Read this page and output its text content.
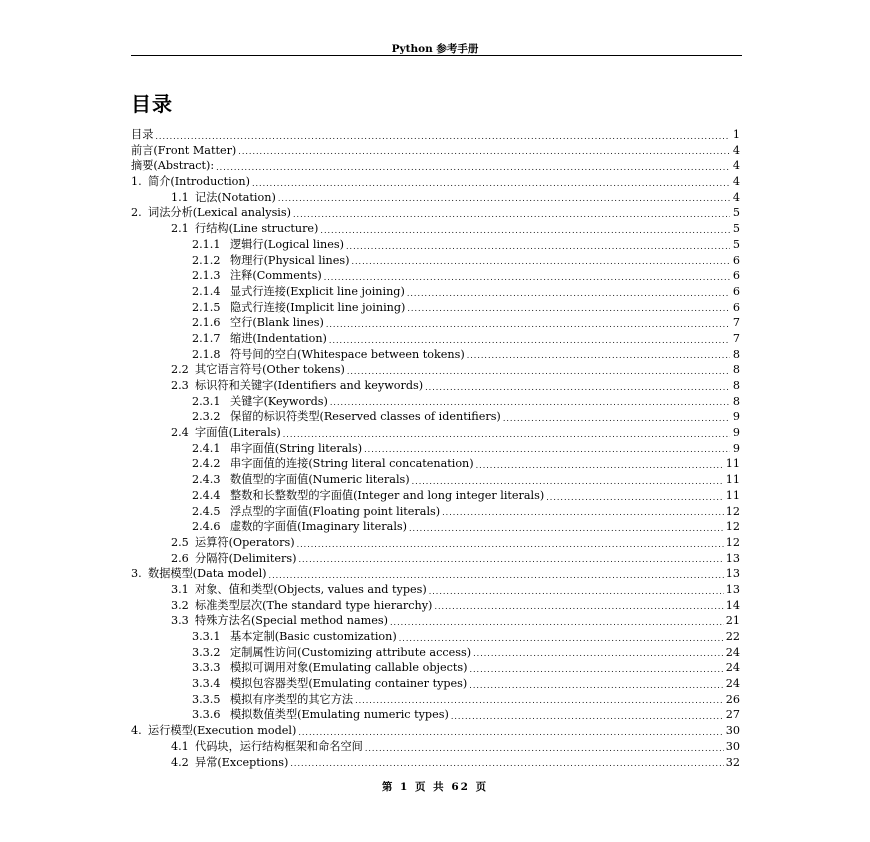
Python 参考手册
目录
目录 .....	1
前言(Front Matter) .....	4
摘要(Abstract): .....	4
1. 简介(Introduction) .....	4
1.1 记法(Notation) .....	4
2. 词法分析(Lexical analysis) .....	5
2.1 行结构(Line structure) .....	5
2.1.1 逻辑行(Logical lines) .....	5
2.1.2 物理行(Physical lines) .....	6
2.1.3 注释(Comments) .....	6
2.1.4 显式行连接(Explicit line joining) .....	6
2.1.5 隐式行连接(Implicit line joining) .....	6
2.1.6 空行(Blank lines) .....	7
2.1.7 缩进(Indentation) .....	7
2.1.8 符号间的空白(Whitespace between tokens) .....	8
2.2 其它语言符号(Other tokens) .....	8
2.3 标识符和关键字(Identifiers and keywords) .....	8
2.3.1 关键字(Keywords) .....	8
2.3.2 保留的标识符类型(Reserved classes of identifiers) .....	9
2.4 字面值(Literals) .....	9
2.4.1 串字面值(String literals) .....	9
2.4.2 串字面值的连接(String literal concatenation) .....	11
2.4.3 数值型的字面值(Numeric literals) .....	11
2.4.4 整数和长整数型的字面值(Integer and long integer literals) .....	11
2.4.5 浮点型的字面值(Floating point literals) .....	12
2.4.6 虚数的字面值(Imaginary literals) .....	12
2.5 运算符(Operators) .....	12
2.6 分隔符(Delimiters) .....	13
3. 数据模型(Data model) .....	13
3.1 对象、值和类型(Objects, values and types) .....	13
3.2 标准类型层次(The standard type hierarchy) .....	14
3.3 特殊方法名(Special method names) .....	21
3.3.1 基本定制(Basic customization) .....	22
3.3.2 定制属性访问(Customizing attribute access) .....	24
3.3.3 模拟可调用对象(Emulating callable objects) .....	24
3.3.4 模拟包容器类型(Emulating container types) .....	24
3.3.5 模拟有序类型的其它方法 .....	26
3.3.6 模拟数值类型(Emulating numeric types) .....	27
4. 运行模型(Execution model) .....	30
4.1 代码块，运行结构框架和命名空间 .....	30
4.2 异常(Exceptions) .....	32
第 1 页 共 62 页
